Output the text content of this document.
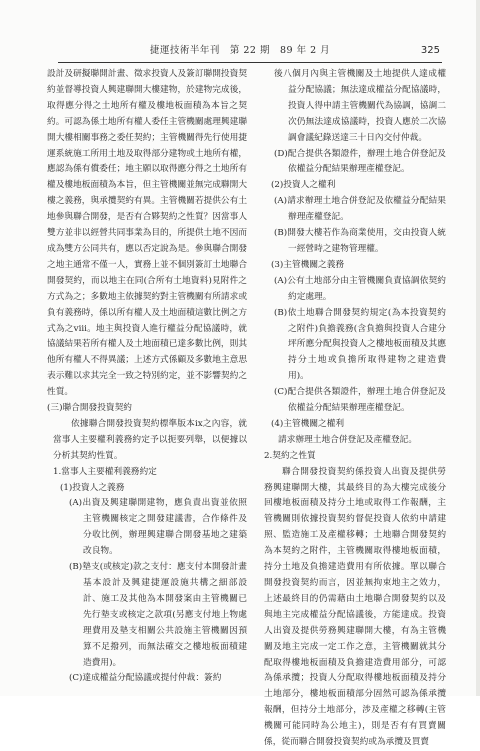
捷運技術半年刊　第 22 期　89 年 2 月	325

設計及研擬聯開計畫、徵求投資人及簽訂聯開投資契約並督導投資人興建聯開大樓建物，於建物完成後，取得應分得之土地所有權及樓地板面積為本旨之契約。可認為係土地所有權人委任主管機關處理興建聯開大樓相關事務之委任契約；主管機關得先行使用捷運系統施工所用土地及取得部分建物或土地所有權，應認為係有償委任；地主願以取得應分得之土地所有權及樓地板面積為本旨，但主管機關並無完成聯開大樓之義務，與承攬契約有異。主管機關若提供公有土地參與聯合開發，是否有合夥契約之性質？因當事人雙方並非以經營共同事業為目的，所提供土地不因而成為雙方公同共有，應以否定說為是。參與聯合開發之地主通常不僅一人，實務上並不個別簽訂土地聯合開發契約，而以地主在同(合所有土地資料)見附件之方式為之；多數地主依據契約對主管機關有所請求或負有義務時，係以所有權人及土地面積這數比例之方式為之viii。地主與投資人進行權益分配協議時，就協議結果若所有權人及土地面積已達多數比例，則其他所有權人不得異議；上述方式係顧及多數地主意思表示難以求其完全一致之特別約定，並不影響契約之性質。

(三)聯合開發投資契約

依據聯合開發投資契約標準版本ix之內容，就當事人主要權利義務約定予以扼要列舉，以便據以分析其契約性質。

1.當事人主要權利義務約定

(1)投資人之義務

(A)出資及興建聯開建物，應負責出資並依照主管機關核定之開發建議書，合作條件及分收比例，辦理興建聯合開發基地之建築改良物。

(B)墊支(或核定)款之支付：應支付本開發計畫基本設計及興建捷運設施共構之細部設計、施工及其他為本開發案由主管機關已先行墊支或核定之款項(另應支付地上物處理費用及墊支相關公共設施主管機關因預算不足撥列，而無法確交之樓地板面積建造費用)。

(C)達成權益分配協議或提付仲裁：簽約

後八個月內與主管機關及土地提供人達成權益分配協議；無法達成權益分配協議時，投資人得申請主管機關代為協調，協調二次仍無法達成協議時，投資人應於二次協調會議紀錄送達三十日內交付仲裁。

(D)配合提供各類證件，辦理土地合併登記及依權益分配結果辦理產權登記。

(2)投資人之權利

(A)請求辦理土地合併登記及依權益分配結果辦理產權登記。

(B)開發大樓若作為商業使用，交由投資人統一經營時之建物管理權。

(3)主管機關之義務

(A)公有土地部分由主管機關負責協調依契約約定處理。

(B)依土地聯合開發契約規定(為本投資契約之附件)負擔義務(含負擔與投資人合建分坪所應分配與投資人之樓地板面積及其應持分土地或負擔所取得建物之建造費用)。

(C)配合提供各類證件，辦理土地合併登記及依權益分配結果辦理產權登記。

(4)主管機關之權利

請求辦理土地合併登記及產權登記。

2.契約之性質

聯合開發投資契約係投資人出資及提供勞務興建聯開大樓，其最終目的為大樓完成後分回樓地板面積及持分土地或取得工作報酬，主管機關則依據投資契約督促投資人依約申請建照、監造施工及產權移轉；土地聯合開發契約為本契約之附件，主管機關取得樓地板面積，持分土地及負擔建造費用有所依據。單以聯合開發投資契約而言，因並無拘束地主之效力，上述最終目的仍需藉由土地聯合開發契約以及與地主完成權益分配協議後，方能達成。投資人出資及提供勞務興建聯開大樓，有為主管機關及地主完成一定工作之意，主管機關就其分配取得樓地板面積及負擔建造費用部分，可認為係承攬；投資人分配取得樓地板面積及持分土地部分，樓地板面積部分固然可認為係承攬報酬，但持分土地部分，涉及產權之移轉(主管機關可能同時為公地主)，則是否有有買賣關係，從而聯合開發投資契約或為承攬及買賣
